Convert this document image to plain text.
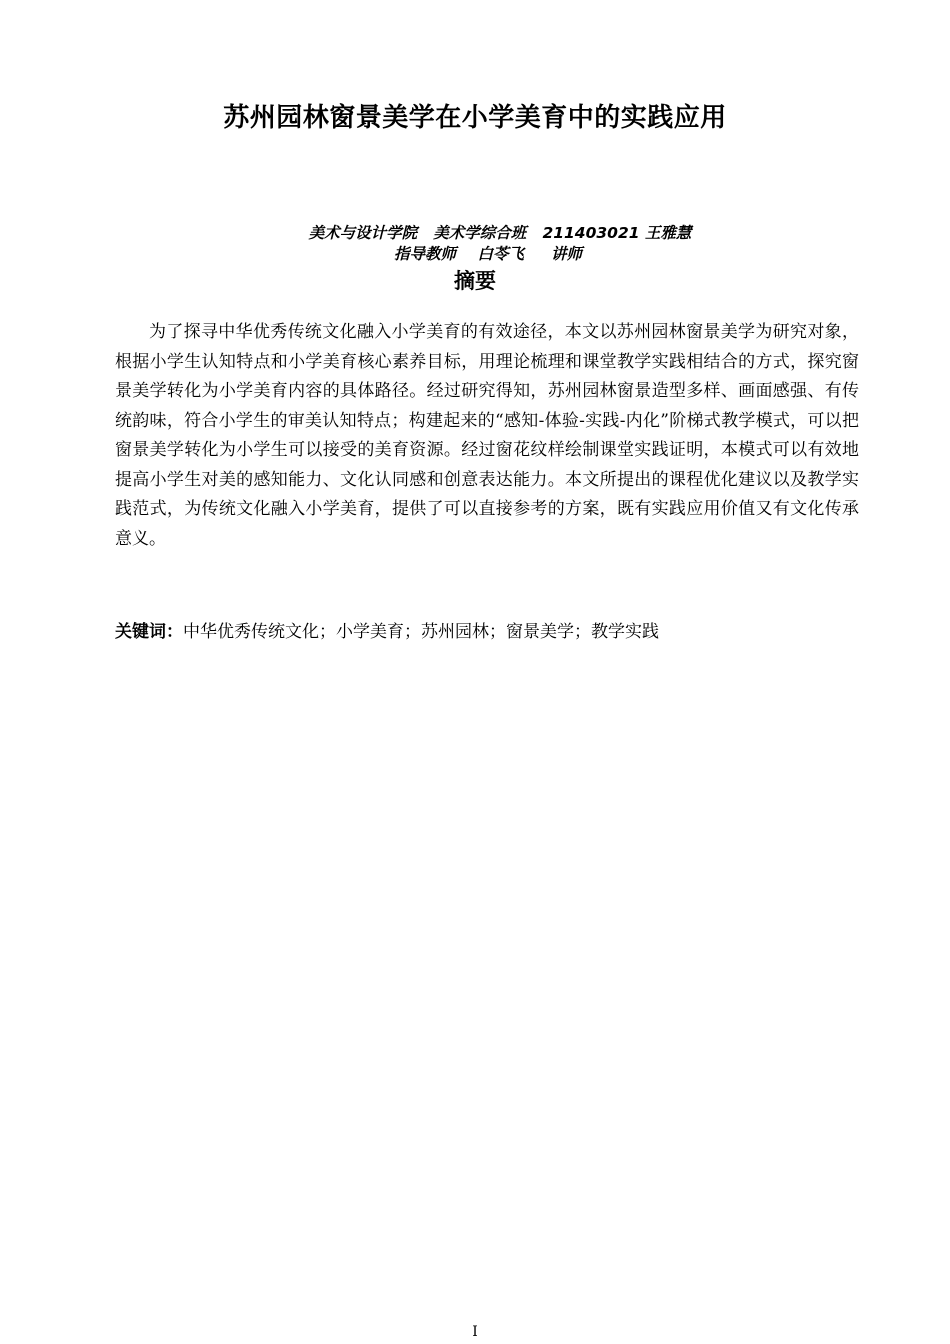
苏州园林窗景美学在小学美育中的实践应用
美术与设计学院   美术学综合班   211403021 王雅慧
指导教师    白苓飞     讲师
摘要

为了探寻中华优秀传统文化融入小学美育的有效途径，本文以苏州园林窗景美学为研究对象，根据小学生认知特点和小学美育核心素养目标，用理论梳理和课堂教学实践相结合的方式，探究窗景美学转化为小学美育内容的具体路径。经过研究得知，苏州园林窗景造型多样、画面感强、有传统韵味，符合小学生的审美认知特点；构建起来的“感知-体验-实践-内化”阶梯式教学模式，可以把窗景美学转化为小学生可以接受的美育资源。经过窗花纹样绘制课堂实践证明，本模式可以有效地提高小学生对美的感知能力、文化认同感和创意表达能力。本文所提出的课程优化建议以及教学实践范式，为传统文化融入小学美育，提供了可以直接参考的方案，既有实践应用价值又有文化传承意义。

关键词：中华优秀传统文化；小学美育；苏州园林；窗景美学；教学实践

I
